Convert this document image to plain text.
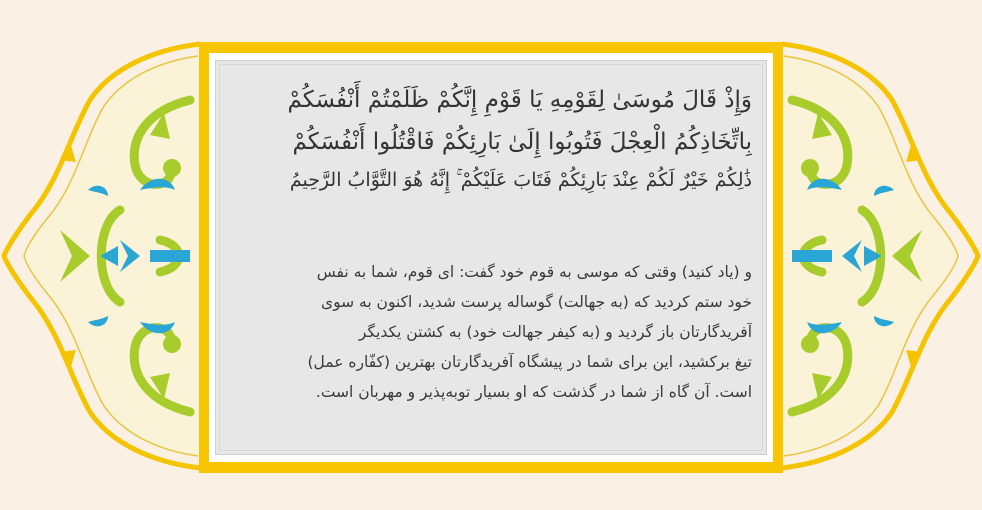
وَإِذْ قَالَ مُوسَىٰ لِقَوْمِهِ يَا قَوْمِ إِنَّكُمْ ظَلَمْتُمْ أَنْفُسَكُمْ
بِاتِّخَاذِكُمُ الْعِجْلَ فَتُوبُوا إِلَىٰ بَارِئِكُمْ فَاقْتُلُوا أَنْفُسَكُمْ
ذَٰلِكُمْ خَيْرٌ لَكُمْ عِنْدَ بَارِئِكُمْ فَتَابَ عَلَيْكُمْ ۚ إِنَّهُ هُوَ التَّوَّابُ الرَّحِيمُ
و (یاد کنید) وقتی که موسی به قوم خود گفت: ای قوم، شما به نفس
خود ستم کردید که (به جهالت) گوساله پرست شدید، اکنون به سوی
آفریدگارتان باز گردید و (به کیفر جهالت خود) به کشتن یکدیگر
تیغ برکشید، این برای شما در پیشگاه آفریدگارتان بهترین (کفّاره عمل)
است. آن گاه از شما در گذشت که او بسیار توبه‌پذیر و مهربان است.
